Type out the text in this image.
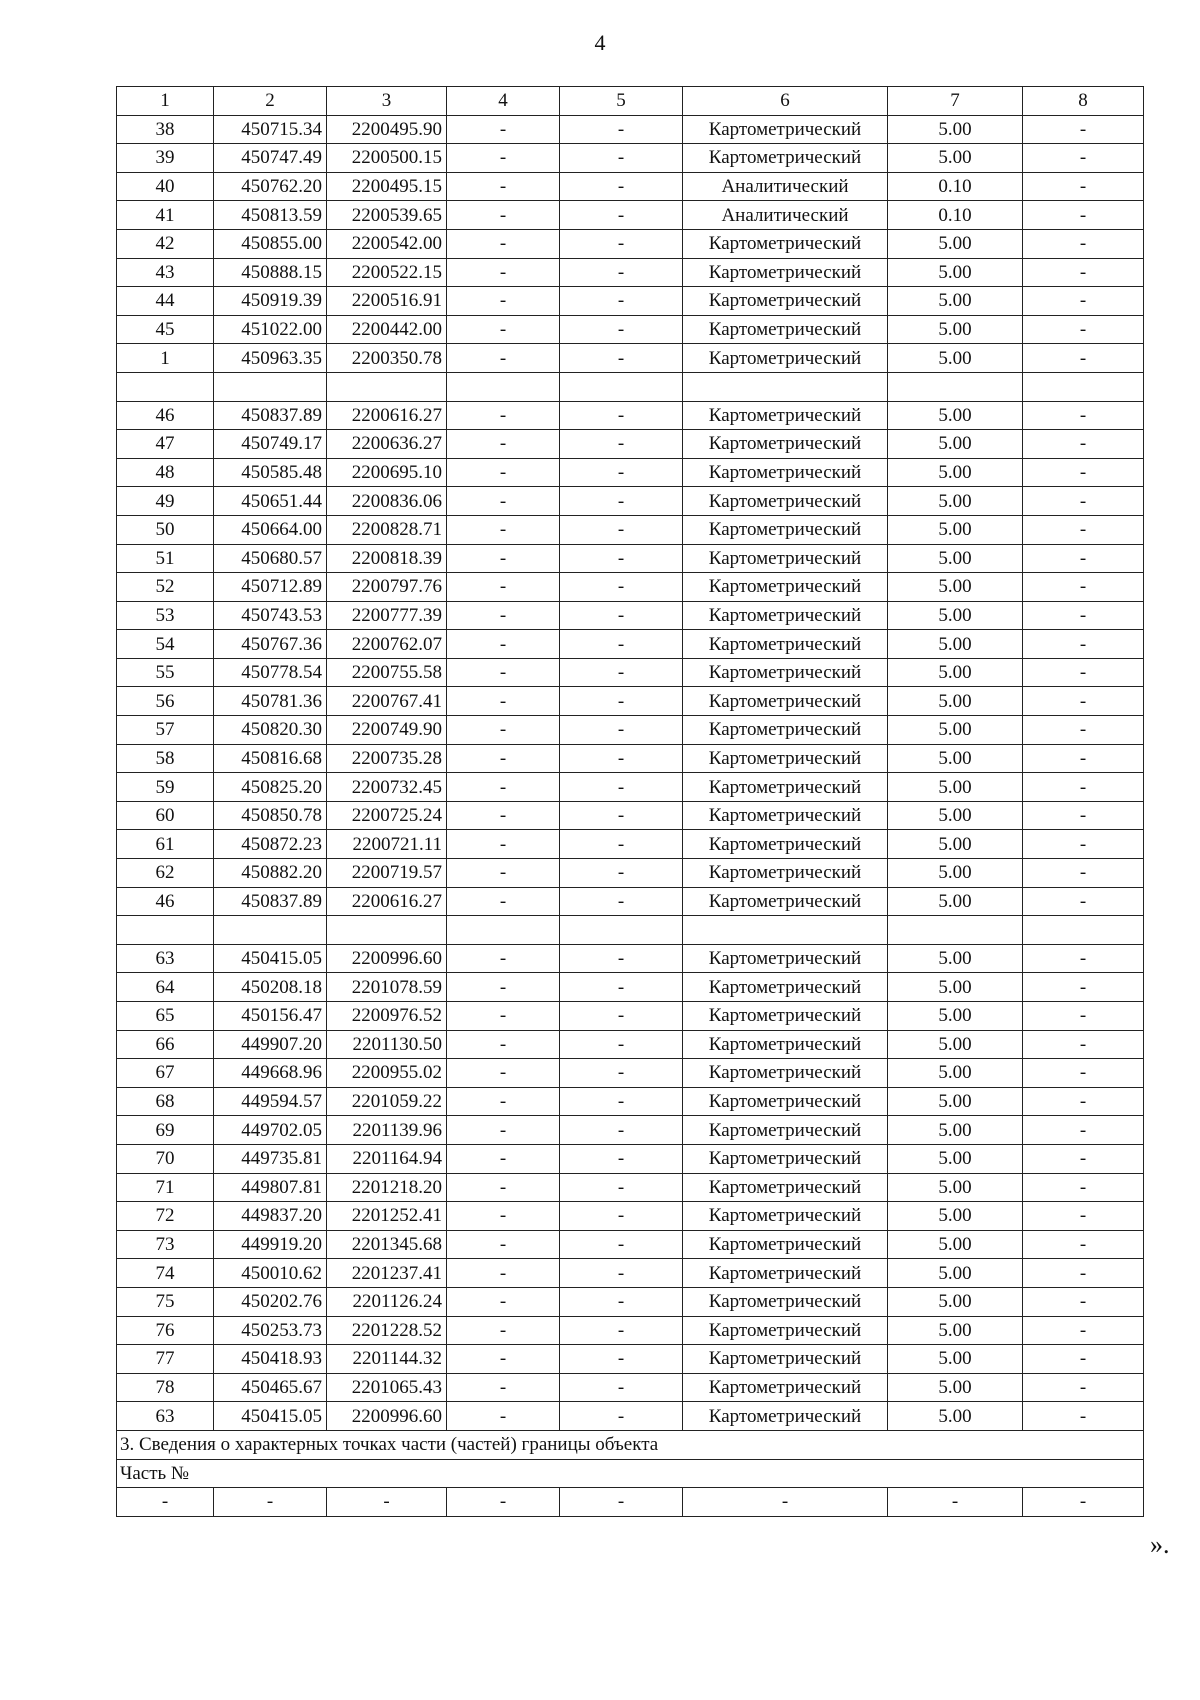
4
1	2	3	4	5	6	7	8
38	450715.34	2200495.90	-	-	Картометрический	5.00	-
39	450747.49	2200500.15	-	-	Картометрический	5.00	-
40	450762.20	2200495.15	-	-	Аналитический	0.10	-
41	450813.59	2200539.65	-	-	Аналитический	0.10	-
42	450855.00	2200542.00	-	-	Картометрический	5.00	-
43	450888.15	2200522.15	-	-	Картометрический	5.00	-
44	450919.39	2200516.91	-	-	Картометрический	5.00	-
45	451022.00	2200442.00	-	-	Картометрический	5.00	-
1	450963.35	2200350.78	-	-	Картометрический	5.00	-

46	450837.89	2200616.27	-	-	Картометрический	5.00	-
47	450749.17	2200636.27	-	-	Картометрический	5.00	-
48	450585.48	2200695.10	-	-	Картометрический	5.00	-
49	450651.44	2200836.06	-	-	Картометрический	5.00	-
50	450664.00	2200828.71	-	-	Картометрический	5.00	-
51	450680.57	2200818.39	-	-	Картометрический	5.00	-
52	450712.89	2200797.76	-	-	Картометрический	5.00	-
53	450743.53	2200777.39	-	-	Картометрический	5.00	-
54	450767.36	2200762.07	-	-	Картометрический	5.00	-
55	450778.54	2200755.58	-	-	Картометрический	5.00	-
56	450781.36	2200767.41	-	-	Картометрический	5.00	-
57	450820.30	2200749.90	-	-	Картометрический	5.00	-
58	450816.68	2200735.28	-	-	Картометрический	5.00	-
59	450825.20	2200732.45	-	-	Картометрический	5.00	-
60	450850.78	2200725.24	-	-	Картометрический	5.00	-
61	450872.23	2200721.11	-	-	Картометрический	5.00	-
62	450882.20	2200719.57	-	-	Картометрический	5.00	-
46	450837.89	2200616.27	-	-	Картометрический	5.00	-

63	450415.05	2200996.60	-	-	Картометрический	5.00	-
64	450208.18	2201078.59	-	-	Картометрический	5.00	-
65	450156.47	2200976.52	-	-	Картометрический	5.00	-
66	449907.20	2201130.50	-	-	Картометрический	5.00	-
67	449668.96	2200955.02	-	-	Картометрический	5.00	-
68	449594.57	2201059.22	-	-	Картометрический	5.00	-
69	449702.05	2201139.96	-	-	Картометрический	5.00	-
70	449735.81	2201164.94	-	-	Картометрический	5.00	-
71	449807.81	2201218.20	-	-	Картометрический	5.00	-
72	449837.20	2201252.41	-	-	Картометрический	5.00	-
73	449919.20	2201345.68	-	-	Картометрический	5.00	-
74	450010.62	2201237.41	-	-	Картометрический	5.00	-
75	450202.76	2201126.24	-	-	Картометрический	5.00	-
76	450253.73	2201228.52	-	-	Картометрический	5.00	-
77	450418.93	2201144.32	-	-	Картометрический	5.00	-
78	450465.67	2201065.43	-	-	Картометрический	5.00	-
63	450415.05	2200996.60	-	-	Картометрический	5.00	-
3. Сведения о характерных точках части (частей) границы объекта							
Часть №							
-	-	-	-	-	-	-	-
».
